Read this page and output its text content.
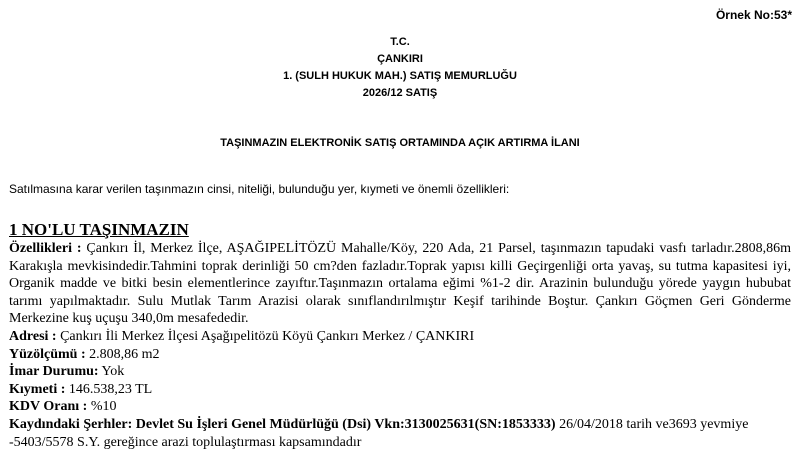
Örnek No:53*
T.C.
ÇANKIRI
1. (SULH HUKUK MAH.) SATIŞ MEMURLUĞU
2026/12 SATIŞ
TAŞINMAZIN ELEKTRONİK SATIŞ ORTAMINDA AÇIK ARTIRMA İLANI
Satılmasına karar verilen taşınmazın cinsi, niteliği, bulunduğu yer, kıymeti ve önemli özellikleri:
1 NO'LU TAŞINMAZIN
Özellikleri : Çankırı İl, Merkez İlçe, AŞAĞIPELİTÖZÜ Mahalle/Köy, 220 Ada, 21 Parsel, taşınmazın tapudaki vasfı tarladır.2808,86m Karakışla mevkisindedir.Tahmini toprak derinliği 50 cm?den fazladır.Toprak yapısı killi Geçirgenliği orta yavaş, su tutma kapasitesi iyi, Organik madde ve bitki besin elementlerince zayıftır.Taşınmazın ortalama eğimi %1-2 dir. Arazinin bulunduğu yörede yaygın hububat tarımı yapılmaktadır. Sulu Mutlak Tarım Arazisi olarak sınıflandırılmıştır Keşif tarihinde Boştur. Çankırı Göçmen Geri Gönderme Merkezine kuş uçuşu 340,0m mesafededir.
Adresi : Çankırı İli Merkez İlçesi Aşağıpelitözü Köyü Çankırı Merkez / ÇANKIRI
Yüzölçümü : 2.808,86 m2
İmar Durumu: Yok
Kıymeti : 146.538,23 TL
KDV Oranı : %10
Kaydındaki Şerhler: Devlet Su İşleri Genel Müdürlüğü (Dsi) Vkn:3130025631(SN:1853333) 26/04/2018 tarih ve3693 yevmiye -5403/5578 S.Y. gereğince arazi toplulaştırması kapsamındadır
